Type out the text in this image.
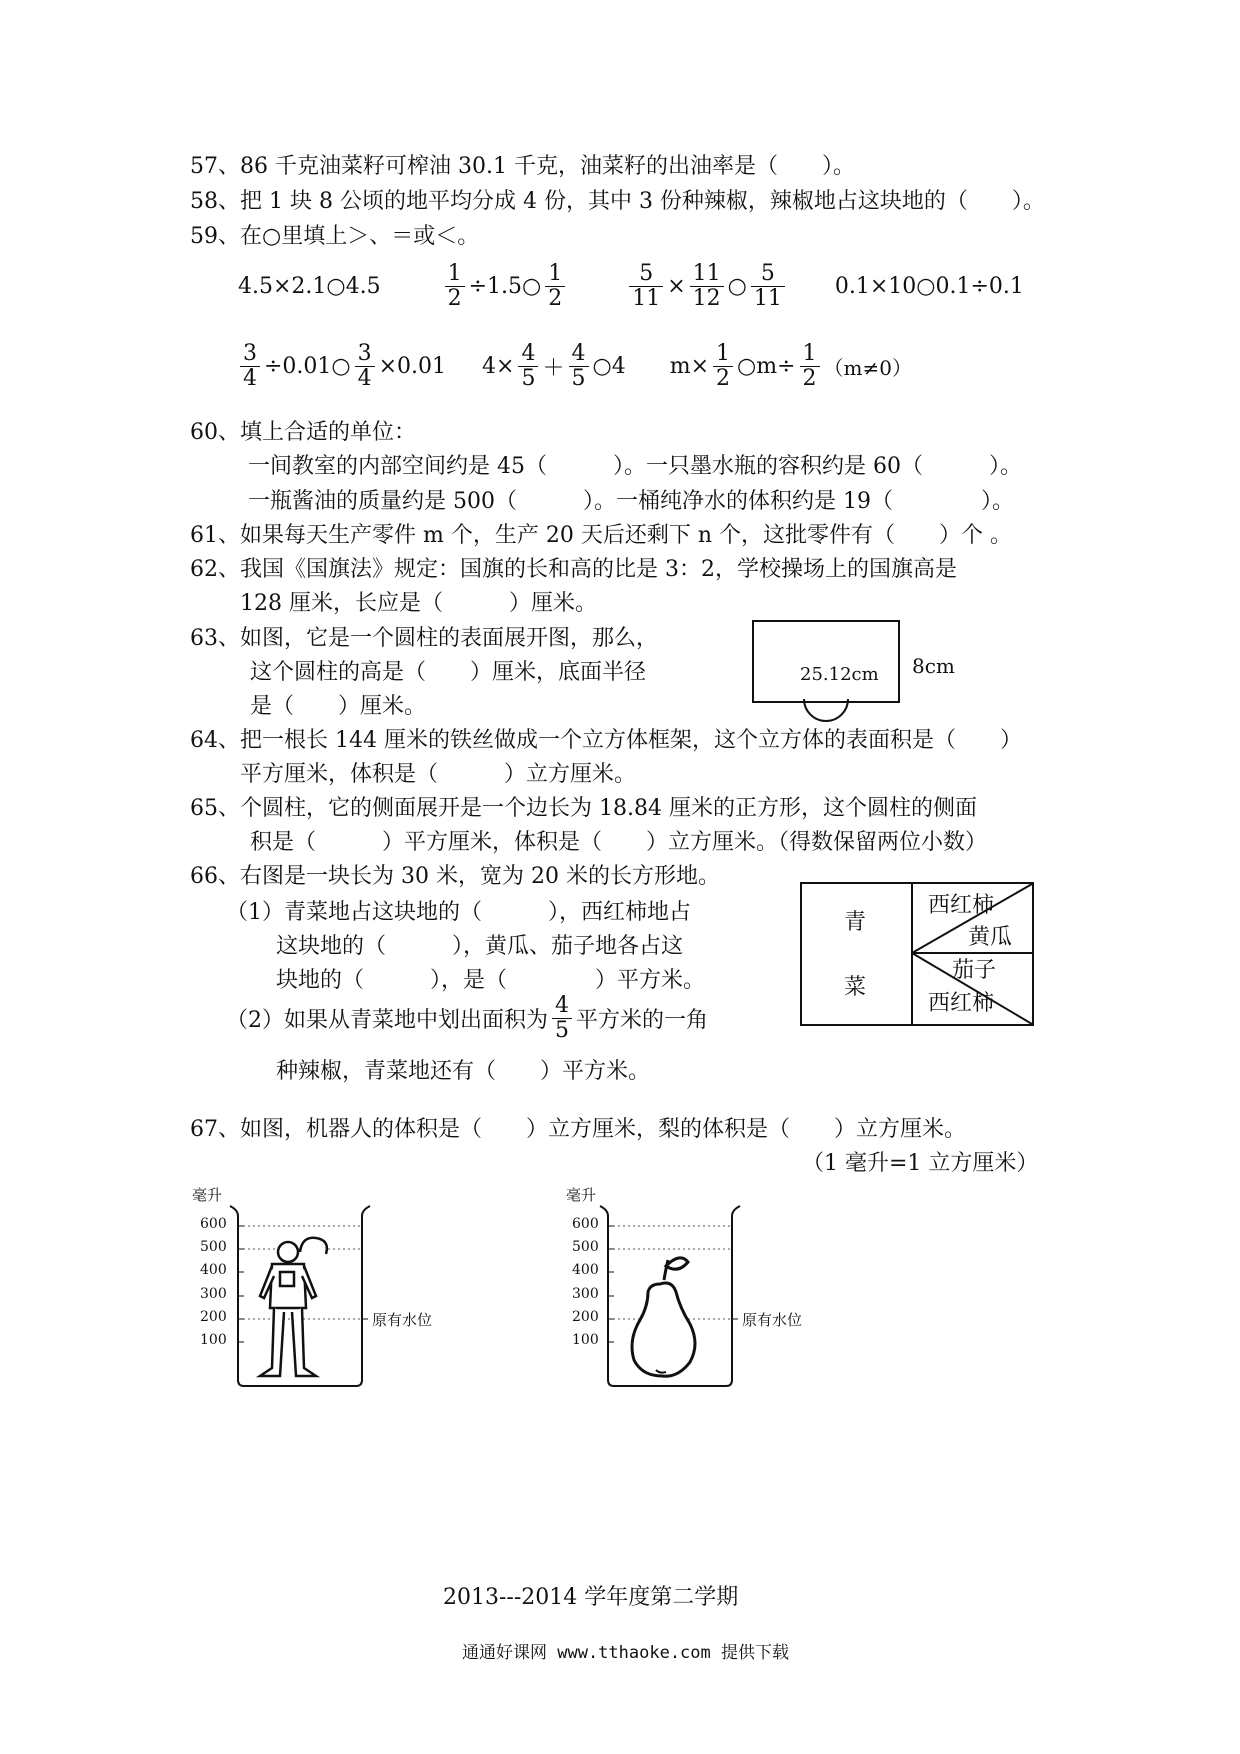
57、86 千克油菜籽可榨油 30.1 千克，油菜籽的出油率是（　　）。
58、把 1 块 8 公顷的地平均分成 4 份，其中 3 份种辣椒，辣椒地占这块地的（　　）。
59、在○里填上＞、＝或＜。
4.5×2.1○4.5	$\frac{1}{2}$ ÷1.5○ $\frac{1}{2}$	$\frac{5}{11} \times \frac{11}{12}$ ○ $\frac{5}{11}$ 0.1×10○0.1÷0.1
$\frac{3}{4}$ ÷0.01○ $\frac{3}{4} \times 0.01$ $4\times \frac{4}{5} + \frac{4}{5}$ ○4 $m\times \frac{1}{2}$ ○m÷ $\frac{1}{2} (m\ne 0)$
60、填上合适的单位：
一间教室的内部空间约是 45（　　　）。一只墨水瓶的容积约是 60（　　　）。
一瓶酱油的质量约是 500（　　　）。一桶纯净水的体积约是 19（　　　　）。
61、如果每天生产零件 m 个，生产 20 天后还剩下 n 个，这批零件有（　　）个 。
62、我国《国旗法》规定：国旗的长和高的比是 3：2，学校操场上的国旗高是
128 厘米，长应是（　　　）厘米。
63、如图，它是一个圆柱的表面展开图，那么，
这个圆柱的高是（　　）厘米，底面半径
是（　　）厘米。
25.12cm 8cm
64、把一根长 144 厘米的铁丝做成一个立方体框架，这个立方体的表面积是（　　）
平方厘米，体积是（　　　）立方厘米。
65、个圆柱，它的侧面展开是一个边长为 18.84 厘米的正方形，这个圆柱的侧面
积是（　　　）平方厘米，体积是（　　）立方厘米。（得数保留两位小数）
66、右图是一块长为 30 米，宽为 20 米的长方形地。
（1）青菜地占这块地的（　　　），西红柿地占
这块地的（　　　），黄瓜、茄子地各占这
块地的（　　　），是（　　　　）平方米。
（2）如果从青菜地中划出面积为 $\frac{4}{5}$ 平方米的一角
种辣椒，青菜地还有（　　）平方米。
青
菜
西红柿
黄瓜
茄子
西红柿
67、如图，机器人的体积是（　　）立方厘米，梨的体积是（　　）立方厘米。
（1 毫升=1 立方厘米）
毫升
600
500
400
300
200
100
原有水位
毫升
600
500
400
300
200
100
原有水位
2013---2014 学年度第二学期
通通好课网 www.tthaoke.com 提供下载
